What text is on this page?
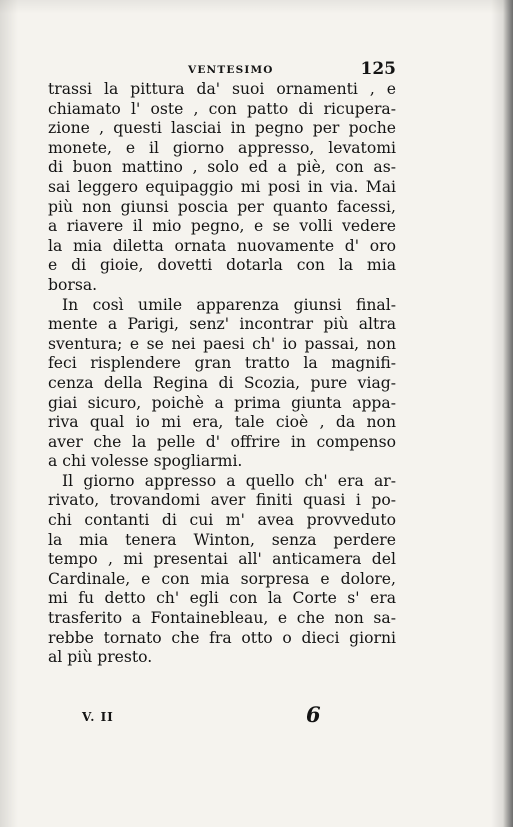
VENTESIMO	125
trassi la pittura da' suoi ornamenti , e
chiamato l' oste , con patto di ricupera-
zione , questi lasciai in pegno per poche
monete, e il giorno appresso, levatomi
di buon mattino , solo ed a piè, con as-
sai leggero equipaggio mi posi in via. Mai
più non giunsi poscia per quanto facessi,
a riavere il mio pegno, e se volli vedere
la mia diletta ornata nuovamente d' oro
e di gioie, dovetti dotarla con la mia
borsa.
In così umile apparenza giunsi final-
mente a Parigi, senz' incontrar più altra
sventura; e se nei paesi ch' io passai, non
feci risplendere gran tratto la magnifi-
cenza della Regina di Scozia, pure viag-
giai sicuro, poichè a prima giunta appa-
riva qual io mi era, tale cioè , da non
aver che la pelle d' offrire in compenso
a chi volesse spogliarmi.
Il giorno appresso a quello ch' era ar-
rivato, trovandomi aver finiti quasi i po-
chi contanti di cui m' avea provveduto
la mia tenera Winton, senza perdere
tempo , mi presentai all' anticamera del
Cardinale, e con mia sorpresa e dolore,
mi fu detto ch' egli con la Corte s' era
trasferito a Fontainebleau, e che non sa-
rebbe tornato che fra otto o dieci giorni
al più presto.
V. II	6
